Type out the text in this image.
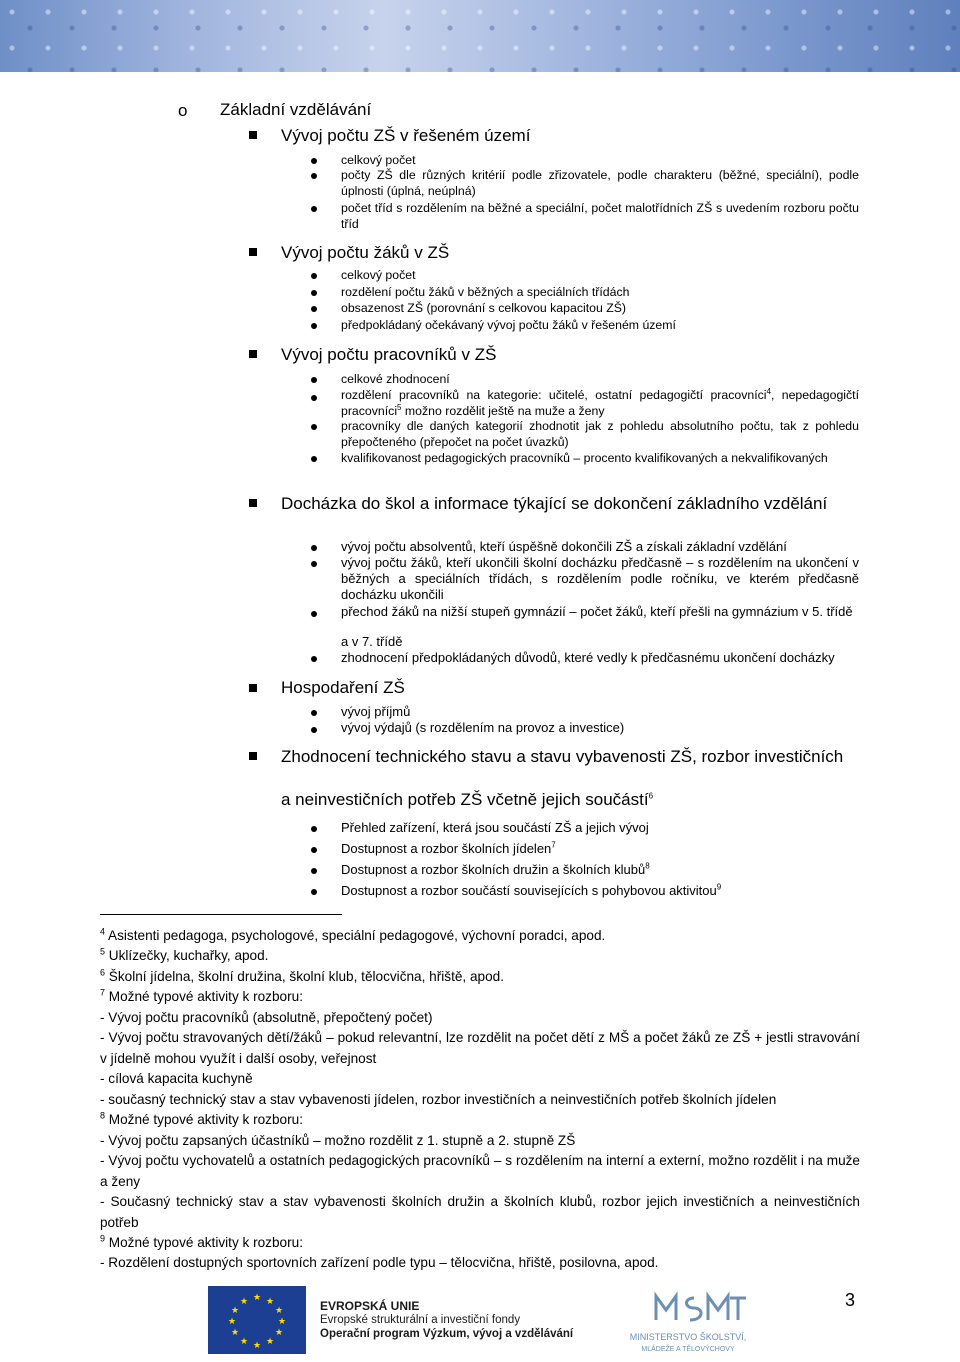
o Základní vzdělávání
Vývoj počtu ZŠ v řešeném území
celkový počet
počty ZŠ dle různých kritérií podle zřizovatele, podle charakteru (běžné, speciální), podle úplnosti (úplná, neúplná)
počet tříd s rozdělením na běžné a speciální, počet malotřídních ZŠ s uvedením rozboru počtu tříd
Vývoj počtu žáků v ZŠ
celkový počet
rozdělení počtu žáků v běžných a speciálních třídách
obsazenost ZŠ (porovnání s celkovou kapacitou ZŠ)
předpokládaný očekávaný vývoj počtu žáků v řešeném území
Vývoj počtu pracovníků v ZŠ
celkové zhodnocení
rozdělení pracovníků na kategorie: učitelé, ostatní pedagogičtí pracovníci$^4$, nepedagogičtí pracovníci$^5$ možno rozdělit ještě na muže a ženy
pracovníky dle daných kategorií zhodnotit jak z pohledu absolutního počtu, tak z pohledu přepočteného (přepočet na počet úvazků)
kvalifikovanost pedagogických pracovníků – procento kvalifikovaných a nekvalifikovaných
Docházka do škol a informace týkající se dokončení základního vzdělání
vývoj počtu absolventů, kteří úspěšně dokončili ZŠ a získali základní vzdělání
vývoj počtu žáků, kteří ukončili školní docházku předčasně – s rozdělením na ukončení v běžných a speciálních třídách, s rozdělením podle ročníku, ve kterém předčasně docházku ukončili
přechod žáků na nižší stupeň gymnázií – počet žáků, kteří přešli na gymnázium v 5. třídě
a v 7. třídě
zhodnocení předpokládaných důvodů, které vedly k předčasnému ukončení docházky
Hospodaření ZŠ
vývoj příjmů
vývoj výdajů (s rozdělením na provoz a investice)
Zhodnocení technického stavu a stavu vybavenosti ZŠ, rozbor investičních
a neinvestičních potřeb ZŠ včetně jejich součástí$^6$
Přehled zařízení, která jsou součástí ZŠ a jejich vývoj
Dostupnost a rozbor školních jídelen$^7$
Dostupnost a rozbor školních družin a školních klubů$^8$
Dostupnost a rozbor součástí souvisejících s pohybovou aktivitou$^9$
$^4$ Asistenti pedagoga, psychologové, speciální pedagogové, výchovní poradci, apod.
$^5$ Uklízečky, kuchařky, apod.
$^6$ Školní jídelna, školní družina, školní klub, tělocvična, hřiště, apod.
$^7$ Možné typové aktivity k rozboru:
- Vývoj počtu pracovníků (absolutně, přepočtený počet)
- Vývoj počtu stravovaných dětí/žáků – pokud relevantní, lze rozdělit na počet dětí z MŠ a počet žáků ze ZŠ + jestli stravování v jídelně mohou využít i další osoby, veřejnost
- cílová kapacita kuchyně
- současný technický stav a stav vybavenosti jídelen, rozbor investičních a neinvestičních potřeb školních jídelen
$^8$ Možné typové aktivity k rozboru:
- Vývoj počtu zapsaných účastníků – možno rozdělit z 1. stupně a 2. stupně ZŠ
- Vývoj počtu vychovatelů a ostatních pedagogických pracovníků – s rozdělením na interní a externí, možno rozdělit i na muže a ženy
- Současný technický stav a stav vybavenosti školních družin a školních klubů, rozbor jejich investičních a neinvestičních potřeb
$^9$ Možné typové aktivity k rozboru:
- Rozdělení dostupných sportovních zařízení podle typu – tělocvična, hřiště, posilovna, apod.
★ ★
★
★
★
★
★
★
★
★
★
★	EVROPSKÁ UNIE
Evropské strukturální a investiční fondy
Operační program Výzkum, vývoj a vzdělávání	MINISTERSTVO ŠKOLSTVÍ,
MLÁDEŽE A TĚLOVÝCHOVY
3
